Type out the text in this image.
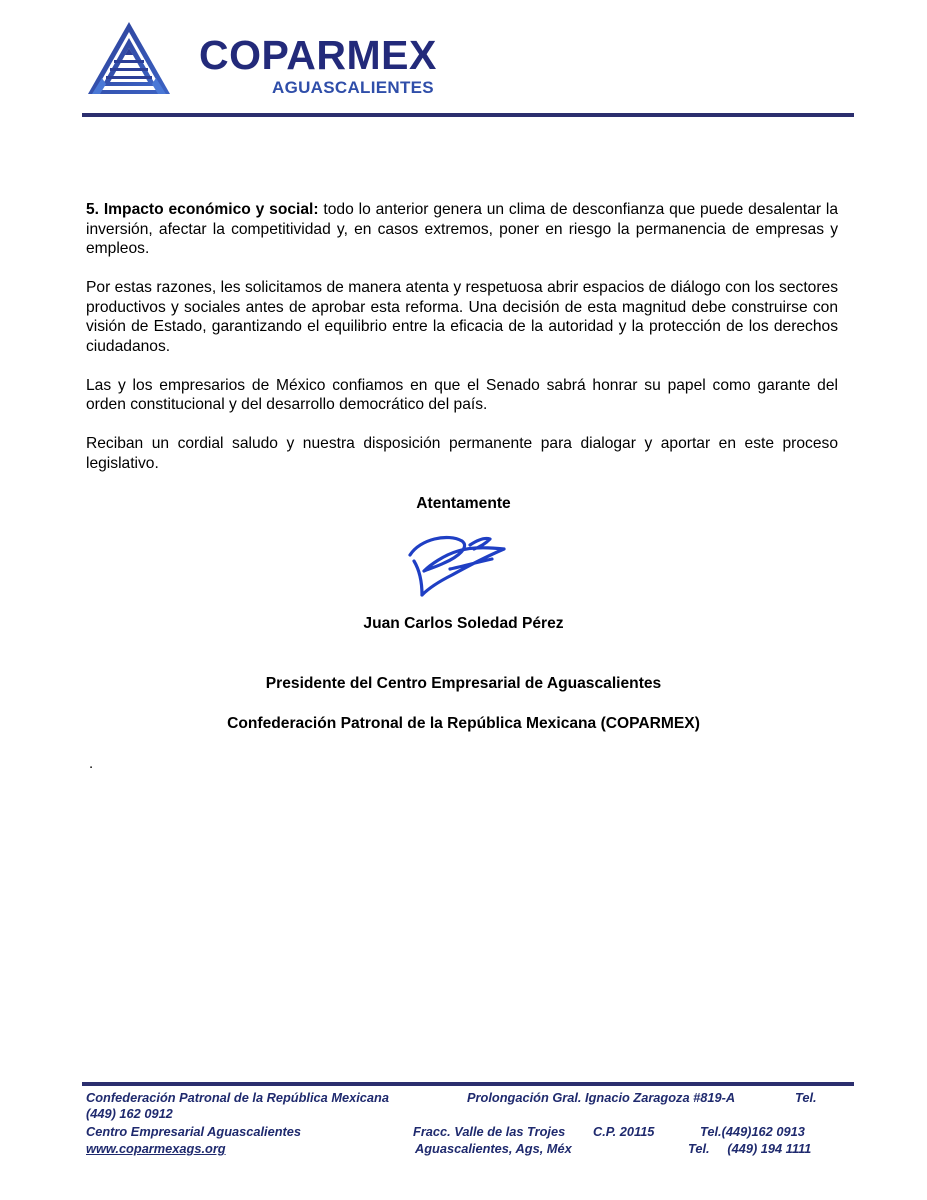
COPARMEX
AGUASCALIENTES

5. Impacto económico y social: todo lo anterior genera un clima de desconfianza que puede desalentar la inversión, afectar la competitividad y, en casos extremos, poner en riesgo la permanencia de empresas y empleos.

Por estas razones, les solicitamos de manera atenta y respetuosa abrir espacios de diálogo con los sectores productivos y sociales antes de aprobar esta reforma. Una decisión de esta magnitud debe construirse con visión de Estado, garantizando el equilibrio entre la eficacia de la autoridad y la protección de los derechos ciudadanos.

Las y los empresarios de México confiamos en que el Senado sabrá honrar su papel como garante del orden constitucional y del desarrollo democrático del país.

Reciban un cordial saludo y nuestra disposición permanente para dialogar y aportar en este proceso legislativo.

Atentamente
Juan Carlos Soledad Pérez
Presidente del Centro Empresarial de Aguascalientes
Confederación Patronal de la República Mexicana (COPARMEX)
.
Confederación Patronal de la República Mexicana	Prolongación Gral. Ignacio Zaragoza #819-A	Tel.
(449) 162 0912
Centro Empresarial Aguascalientes	Fracc. Valle de las Trojes C.P. 20115	Tel.(449)162 0913
www.coparmexags.org	Aguascalientes, Ags, Méx	Tel.     (449) 194 1111
